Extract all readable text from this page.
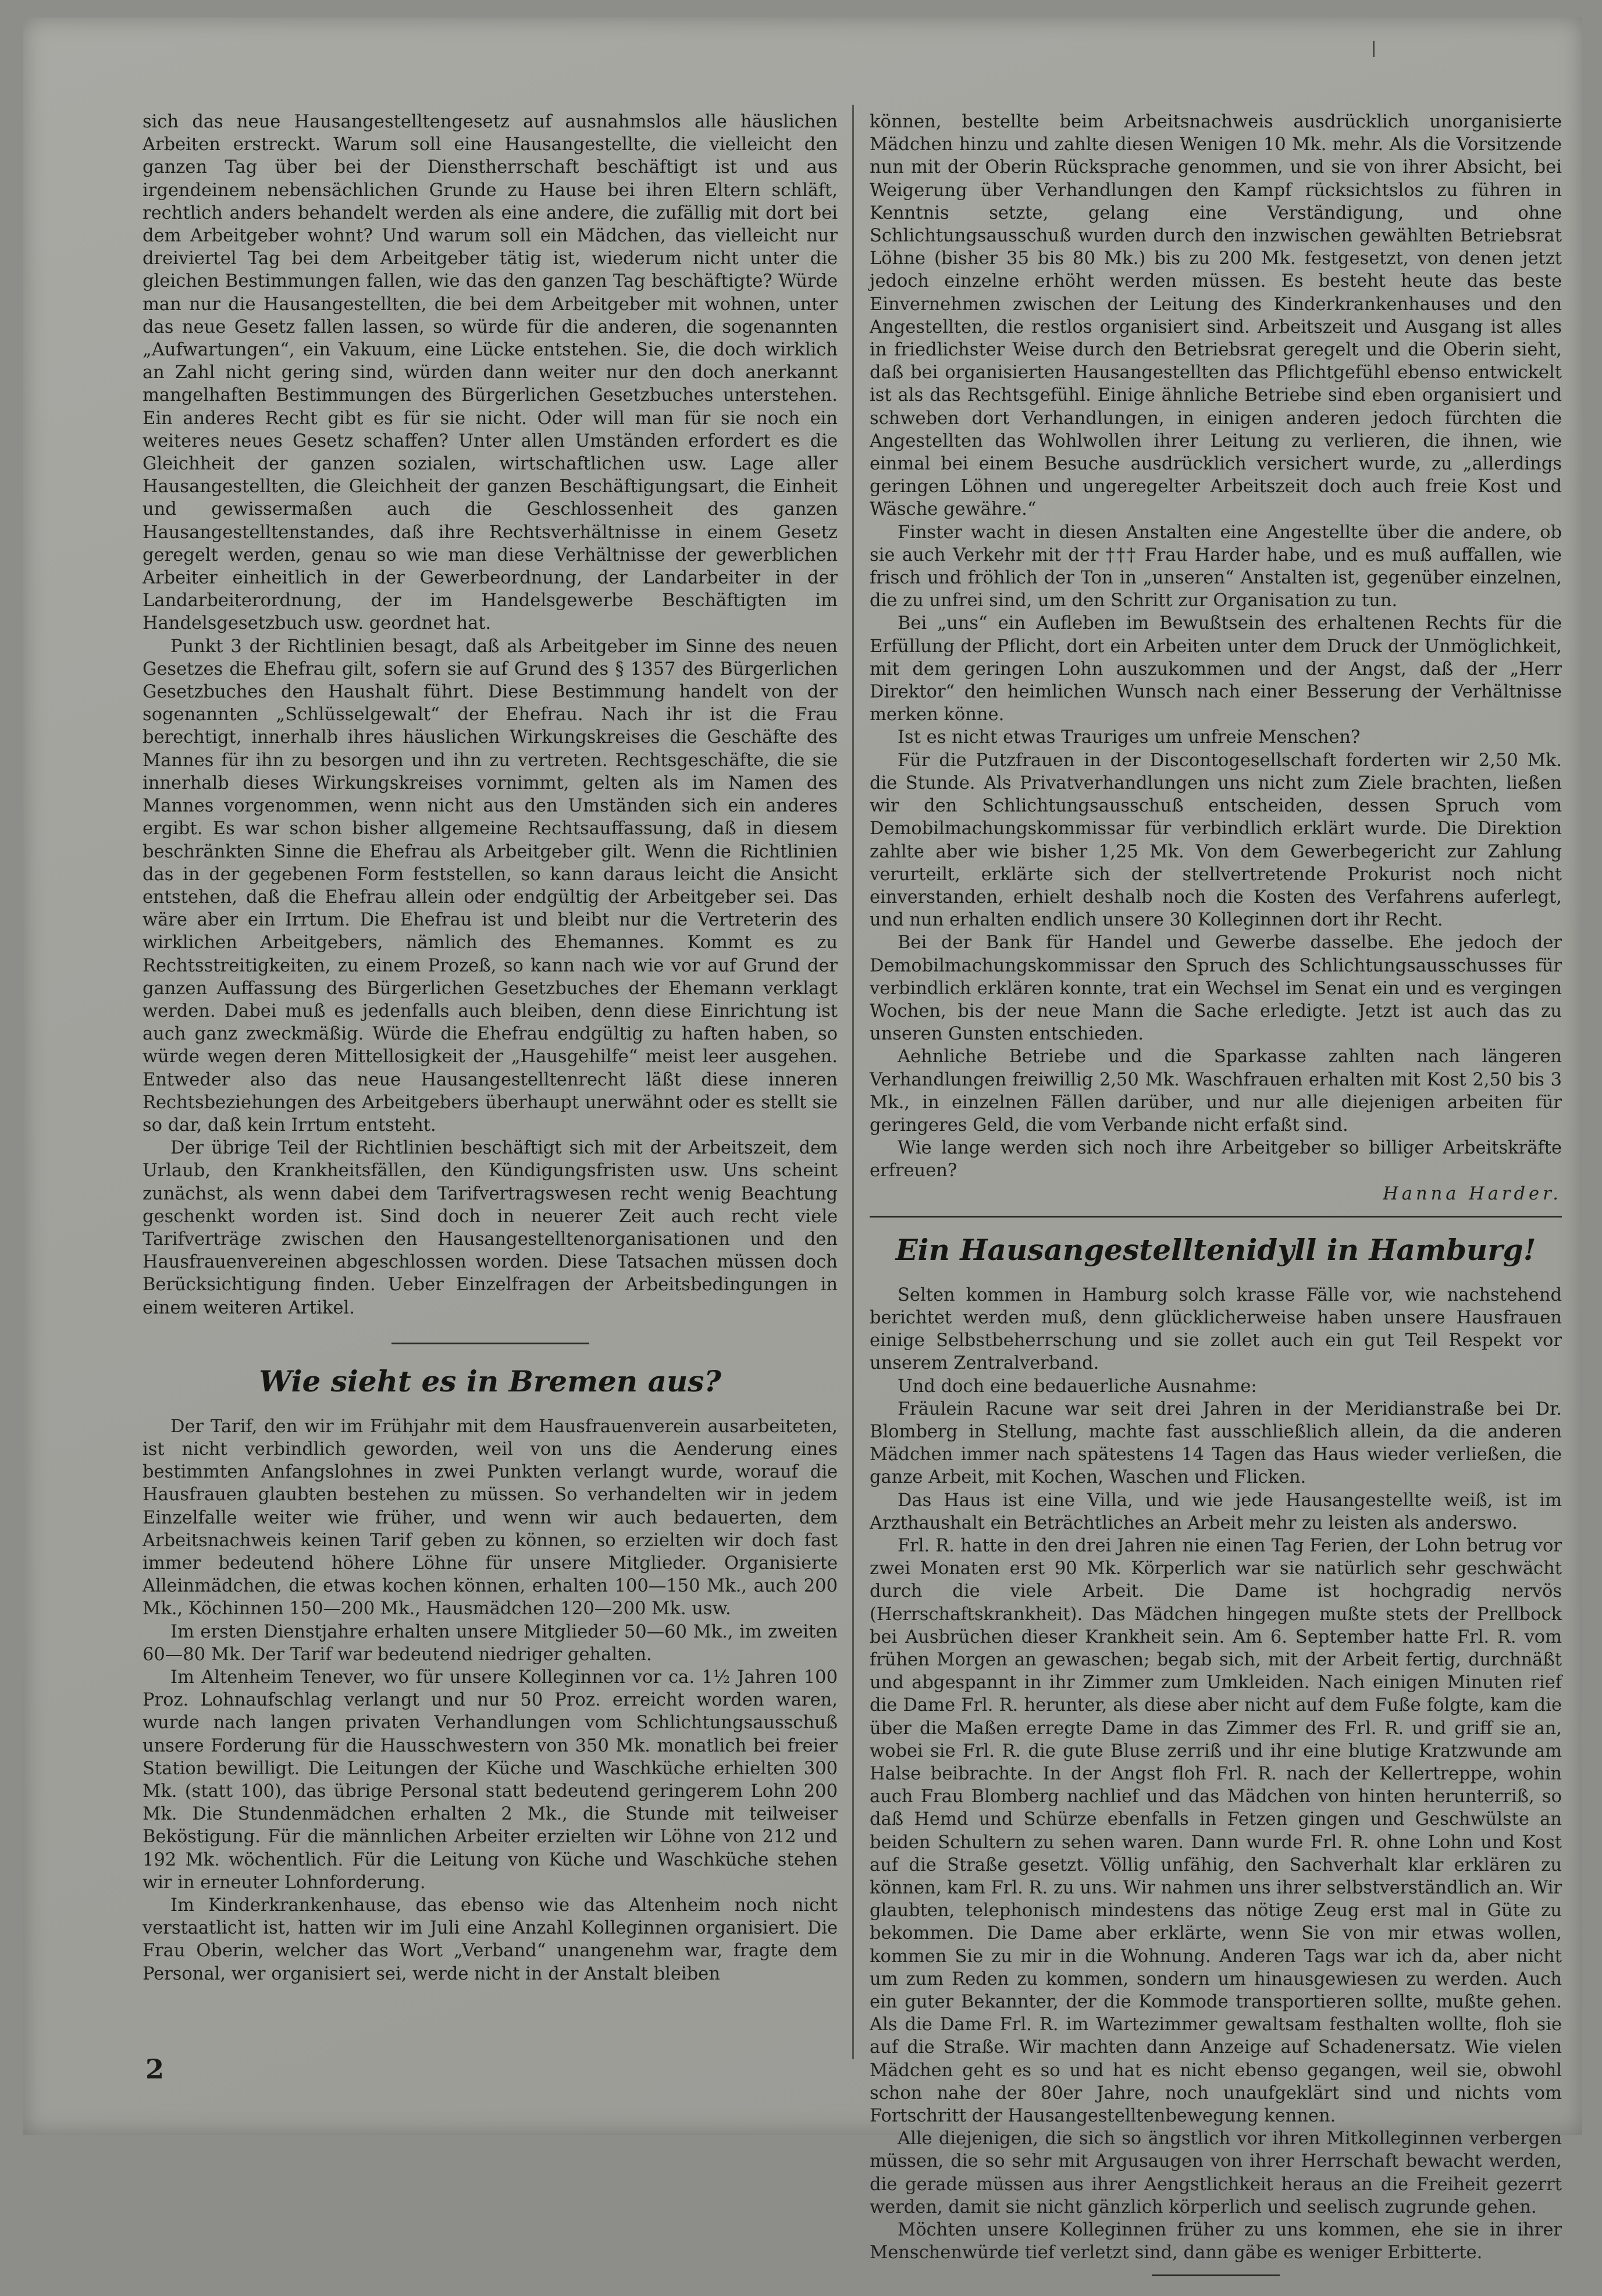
sich das neue Hausangestelltengesetz auf ausnahmslos alle häuslichen Arbeiten erstreckt. Warum soll eine Hausangestellte, die vielleicht den ganzen Tag über bei der Dienstherrschaft beschäftigt ist und aus irgendeinem nebensächlichen Grunde zu Hause bei ihren Eltern schläft, rechtlich anders behandelt werden als eine andere, die zufällig mit dort bei dem Arbeitgeber wohnt? Und warum soll ein Mädchen, das vielleicht nur dreiviertel Tag bei dem Arbeitgeber tätig ist, wiederum nicht unter die gleichen Bestimmungen fallen, wie das den ganzen Tag beschäftigte? Würde man nur die Hausangestellten, die bei dem Arbeitgeber mit wohnen, unter das neue Gesetz fallen lassen, so würde für die anderen, die sogenannten „Aufwartungen“, ein Vakuum, eine Lücke entstehen. Sie, die doch wirklich an Zahl nicht gering sind, würden dann weiter nur den doch anerkannt mangelhaften Bestimmungen des Bürgerlichen Gesetzbuches unterstehen. Ein anderes Recht gibt es für sie nicht. Oder will man für sie noch ein weiteres neues Gesetz schaffen? Unter allen Umständen erfordert es die Gleichheit der ganzen sozialen, wirtschaftlichen usw. Lage aller Hausangestellten, die Gleichheit der ganzen Beschäftigungsart, die Einheit und gewissermaßen auch die Geschlossenheit des ganzen Hausangestelltenstandes, daß ihre Rechtsverhältnisse in einem Gesetz geregelt werden, genau so wie man diese Verhältnisse der gewerblichen Arbeiter einheitlich in der Gewerbeordnung, der Landarbeiter in der Landarbeiterordnung, der im Handelsgewerbe Beschäftigten im Handelsgesetzbuch usw. geordnet hat.

Punkt 3 der Richtlinien besagt, daß als Arbeitgeber im Sinne des neuen Gesetzes die Ehefrau gilt, sofern sie auf Grund des § 1357 des Bürgerlichen Gesetzbuches den Haushalt führt. Diese Bestimmung handelt von der sogenannten „Schlüsselgewalt“ der Ehefrau. Nach ihr ist die Frau berechtigt, innerhalb ihres häuslichen Wirkungskreises die Geschäfte des Mannes für ihn zu besorgen und ihn zu vertreten. Rechtsgeschäfte, die sie innerhalb dieses Wirkungskreises vornimmt, gelten als im Namen des Mannes vorgenommen, wenn nicht aus den Umständen sich ein anderes ergibt. Es war schon bisher allgemeine Rechtsauffassung, daß in diesem beschränkten Sinne die Ehefrau als Arbeitgeber gilt. Wenn die Richtlinien das in der gegebenen Form feststellen, so kann daraus leicht die Ansicht entstehen, daß die Ehefrau allein oder endgültig der Arbeitgeber sei. Das wäre aber ein Irrtum. Die Ehefrau ist und bleibt nur die Vertreterin des wirklichen Arbeitgebers, nämlich des Ehemannes. Kommt es zu Rechtsstreitigkeiten, zu einem Prozeß, so kann nach wie vor auf Grund der ganzen Auffassung des Bürgerlichen Gesetzbuches der Ehemann verklagt werden. Dabei muß es jedenfalls auch bleiben, denn diese Einrichtung ist auch ganz zweckmäßig. Würde die Ehefrau endgültig zu haften haben, so würde wegen deren Mittellosigkeit der „Hausgehilfe“ meist leer ausgehen. Entweder also das neue Hausangestelltenrecht läßt diese inneren Rechtsbeziehungen des Arbeitgebers überhaupt unerwähnt oder es stellt sie so dar, daß kein Irrtum entsteht.

Der übrige Teil der Richtlinien beschäftigt sich mit der Arbeitszeit, dem Urlaub, den Krankheitsfällen, den Kündigungsfristen usw. Uns scheint zunächst, als wenn dabei dem Tarifvertragswesen recht wenig Beachtung geschenkt worden ist. Sind doch in neuerer Zeit auch recht viele Tarifverträge zwischen den Hausangestelltenorganisationen und den Hausfrauenvereinen abgeschlossen worden. Diese Tatsachen müssen doch Berücksichtigung finden. Ueber Einzelfragen der Arbeitsbedingungen in einem weiteren Artikel.

Wie sieht es in Bremen aus?

Der Tarif, den wir im Frühjahr mit dem Hausfrauenverein ausarbeiteten, ist nicht verbindlich geworden, weil von uns die Aenderung eines bestimmten Anfangslohnes in zwei Punkten verlangt wurde, worauf die Hausfrauen glaubten bestehen zu müssen. So verhandelten wir in jedem Einzelfalle weiter wie früher, und wenn wir auch bedauerten, dem Arbeitsnachweis keinen Tarif geben zu können, so erzielten wir doch fast immer bedeutend höhere Löhne für unsere Mitglieder. Organisierte Alleinmädchen, die etwas kochen können, erhalten 100—150 Mk., auch 200 Mk., Köchinnen 150—200 Mk., Hausmädchen 120—200 Mk. usw.

Im ersten Dienstjahre erhalten unsere Mitglieder 50—60 Mk., im zweiten 60—80 Mk. Der Tarif war bedeutend niedriger gehalten.

Im Altenheim Tenever, wo für unsere Kolleginnen vor ca. 1½ Jahren 100 Proz. Lohnaufschlag verlangt und nur 50 Proz. erreicht worden waren, wurde nach langen privaten Verhandlungen vom Schlichtungsausschuß unsere Forderung für die Hausschwestern von 350 Mk. monatlich bei freier Station bewilligt. Die Leitungen der Küche und Waschküche erhielten 300 Mk. (statt 100), das übrige Personal statt bedeutend geringerem Lohn 200 Mk. Die Stundenmädchen erhalten 2 Mk., die Stunde mit teilweiser Beköstigung. Für die männlichen Arbeiter erzielten wir Löhne von 212 und 192 Mk. wöchentlich. Für die Leitung von Küche und Waschküche stehen wir in erneuter Lohnforderung.

Im Kinderkrankenhause, das ebenso wie das Altenheim noch nicht verstaatlicht ist, hatten wir im Juli eine Anzahl Kolleginnen organisiert. Die Frau Oberin, welcher das Wort „Verband“ unangenehm war, fragte dem Personal, wer organisiert sei, werde nicht in der Anstalt bleiben

können, bestellte beim Arbeitsnachweis ausdrücklich unorganisierte Mädchen hinzu und zahlte diesen Wenigen 10 Mk. mehr. Als die Vorsitzende nun mit der Oberin Rücksprache genommen, und sie von ihrer Absicht, bei Weigerung über Verhandlungen den Kampf rücksichtslos zu führen in Kenntnis setzte, gelang eine Verständigung, und ohne Schlichtungsausschuß wurden durch den inzwischen gewählten Betriebsrat Löhne (bisher 35 bis 80 Mk.) bis zu 200 Mk. festgesetzt, von denen jetzt jedoch einzelne erhöht werden müssen. Es besteht heute das beste Einvernehmen zwischen der Leitung des Kinderkrankenhauses und den Angestellten, die restlos organisiert sind. Arbeitszeit und Ausgang ist alles in friedlichster Weise durch den Betriebsrat geregelt und die Oberin sieht, daß bei organisierten Hausangestellten das Pflichtgefühl ebenso entwickelt ist als das Rechtsgefühl. Einige ähnliche Betriebe sind eben organisiert und schweben dort Verhandlungen, in einigen anderen jedoch fürchten die Angestellten das Wohlwollen ihrer Leitung zu verlieren, die ihnen, wie einmal bei einem Besuche ausdrücklich versichert wurde, zu „allerdings geringen Löhnen und ungeregelter Arbeitszeit doch auch freie Kost und Wäsche gewähre.“

Finster wacht in diesen Anstalten eine Angestellte über die andere, ob sie auch Verkehr mit der ††† Frau Harder habe, und es muß auffallen, wie frisch und fröhlich der Ton in „unseren“ Anstalten ist, gegenüber einzelnen, die zu unfrei sind, um den Schritt zur Organisation zu tun.

Bei „uns“ ein Aufleben im Bewußtsein des erhaltenen Rechts für die Erfüllung der Pflicht, dort ein Arbeiten unter dem Druck der Unmöglichkeit, mit dem geringen Lohn auszukommen und der Angst, daß der „Herr Direktor“ den heimlichen Wunsch nach einer Besserung der Verhältnisse merken könne.

Ist es nicht etwas Trauriges um unfreie Menschen?

Für die Putzfrauen in der Discontogesellschaft forderten wir 2,50 Mk. die Stunde. Als Privatverhandlungen uns nicht zum Ziele brachten, ließen wir den Schlichtungsausschuß entscheiden, dessen Spruch vom Demobilmachungskommissar für verbindlich erklärt wurde. Die Direktion zahlte aber wie bisher 1,25 Mk. Von dem Gewerbegericht zur Zahlung verurteilt, erklärte sich der stellvertretende Prokurist noch nicht einverstanden, erhielt deshalb noch die Kosten des Verfahrens auferlegt, und nun erhalten endlich unsere 30 Kolleginnen dort ihr Recht.

Bei der Bank für Handel und Gewerbe dasselbe. Ehe jedoch der Demobilmachungskommissar den Spruch des Schlichtungsausschusses für verbindlich erklären konnte, trat ein Wechsel im Senat ein und es vergingen Wochen, bis der neue Mann die Sache erledigte. Jetzt ist auch das zu unseren Gunsten entschieden.

Aehnliche Betriebe und die Sparkasse zahlten nach längeren Verhandlungen freiwillig 2,50 Mk. Waschfrauen erhalten mit Kost 2,50 bis 3 Mk., in einzelnen Fällen darüber, und nur alle diejenigen arbeiten für geringeres Geld, die vom Verbande nicht erfaßt sind.

Wie lange werden sich noch ihre Arbeitgeber so billiger Arbeitskräfte erfreuen?

Hanna Harder.

Ein Hausangestelltenidyll in Hamburg!

Selten kommen in Hamburg solch krasse Fälle vor, wie nachstehend berichtet werden muß, denn glücklicherweise haben unsere Hausfrauen einige Selbstbeherrschung und sie zollet auch ein gut Teil Respekt vor unserem Zentralverband.

Und doch eine bedauerliche Ausnahme:

Fräulein Racune war seit drei Jahren in der Meridianstraße bei Dr. Blomberg in Stellung, machte fast ausschließlich allein, da die anderen Mädchen immer nach spätestens 14 Tagen das Haus wieder verließen, die ganze Arbeit, mit Kochen, Waschen und Flicken.

Das Haus ist eine Villa, und wie jede Hausangestellte weiß, ist im Arzthaushalt ein Beträchtliches an Arbeit mehr zu leisten als anderswo.

Frl. R. hatte in den drei Jahren nie einen Tag Ferien, der Lohn betrug vor zwei Monaten erst 90 Mk. Körperlich war sie natürlich sehr geschwächt durch die viele Arbeit. Die Dame ist hochgradig nervös (Herrschaftskrankheit). Das Mädchen hingegen mußte stets der Prellbock bei Ausbrüchen dieser Krankheit sein. Am 6. September hatte Frl. R. vom frühen Morgen an gewaschen; begab sich, mit der Arbeit fertig, durchnäßt und abgespannt in ihr Zimmer zum Umkleiden. Nach einigen Minuten rief die Dame Frl. R. herunter, als diese aber nicht auf dem Fuße folgte, kam die über die Maßen erregte Dame in das Zimmer des Frl. R. und griff sie an, wobei sie Frl. R. die gute Bluse zerriß und ihr eine blutige Kratzwunde am Halse beibrachte. In der Angst floh Frl. R. nach der Kellertreppe, wohin auch Frau Blomberg nachlief und das Mädchen von hinten herunterriß, so daß Hemd und Schürze ebenfalls in Fetzen gingen und Geschwülste an beiden Schultern zu sehen waren. Dann wurde Frl. R. ohne Lohn und Kost auf die Straße gesetzt. Völlig unfähig, den Sachverhalt klar erklären zu können, kam Frl. R. zu uns. Wir nahmen uns ihrer selbstverständlich an. Wir glaubten, telephonisch mindestens das nötige Zeug erst mal in Güte zu bekommen. Die Dame aber erklärte, wenn Sie von mir etwas wollen, kommen Sie zu mir in die Wohnung. Anderen Tags war ich da, aber nicht um zum Reden zu kommen, sondern um hinausgewiesen zu werden. Auch ein guter Bekannter, der die Kommode transportieren sollte, mußte gehen. Als die Dame Frl. R. im Wartezimmer gewaltsam festhalten wollte, floh sie auf die Straße. Wir machten dann Anzeige auf Schadenersatz. Wie vielen Mädchen geht es so und hat es nicht ebenso gegangen, weil sie, obwohl schon nahe der 80er Jahre, noch unaufgeklärt sind und nichts vom Fortschritt der Hausangestelltenbewegung kennen.

Alle diejenigen, die sich so ängstlich vor ihren Mitkolleginnen verbergen müssen, die so sehr mit Argusaugen von ihrer Herrschaft bewacht werden, die gerade müssen aus ihrer Aengstlichkeit heraus an die Freiheit gezerrt werden, damit sie nicht gänzlich körperlich und seelisch zugrunde gehen.

Möchten unsere Kolleginnen früher zu uns kommen, ehe sie in ihrer Menschenwürde tief verletzt sind, dann gäbe es weniger Erbitterte.

2
